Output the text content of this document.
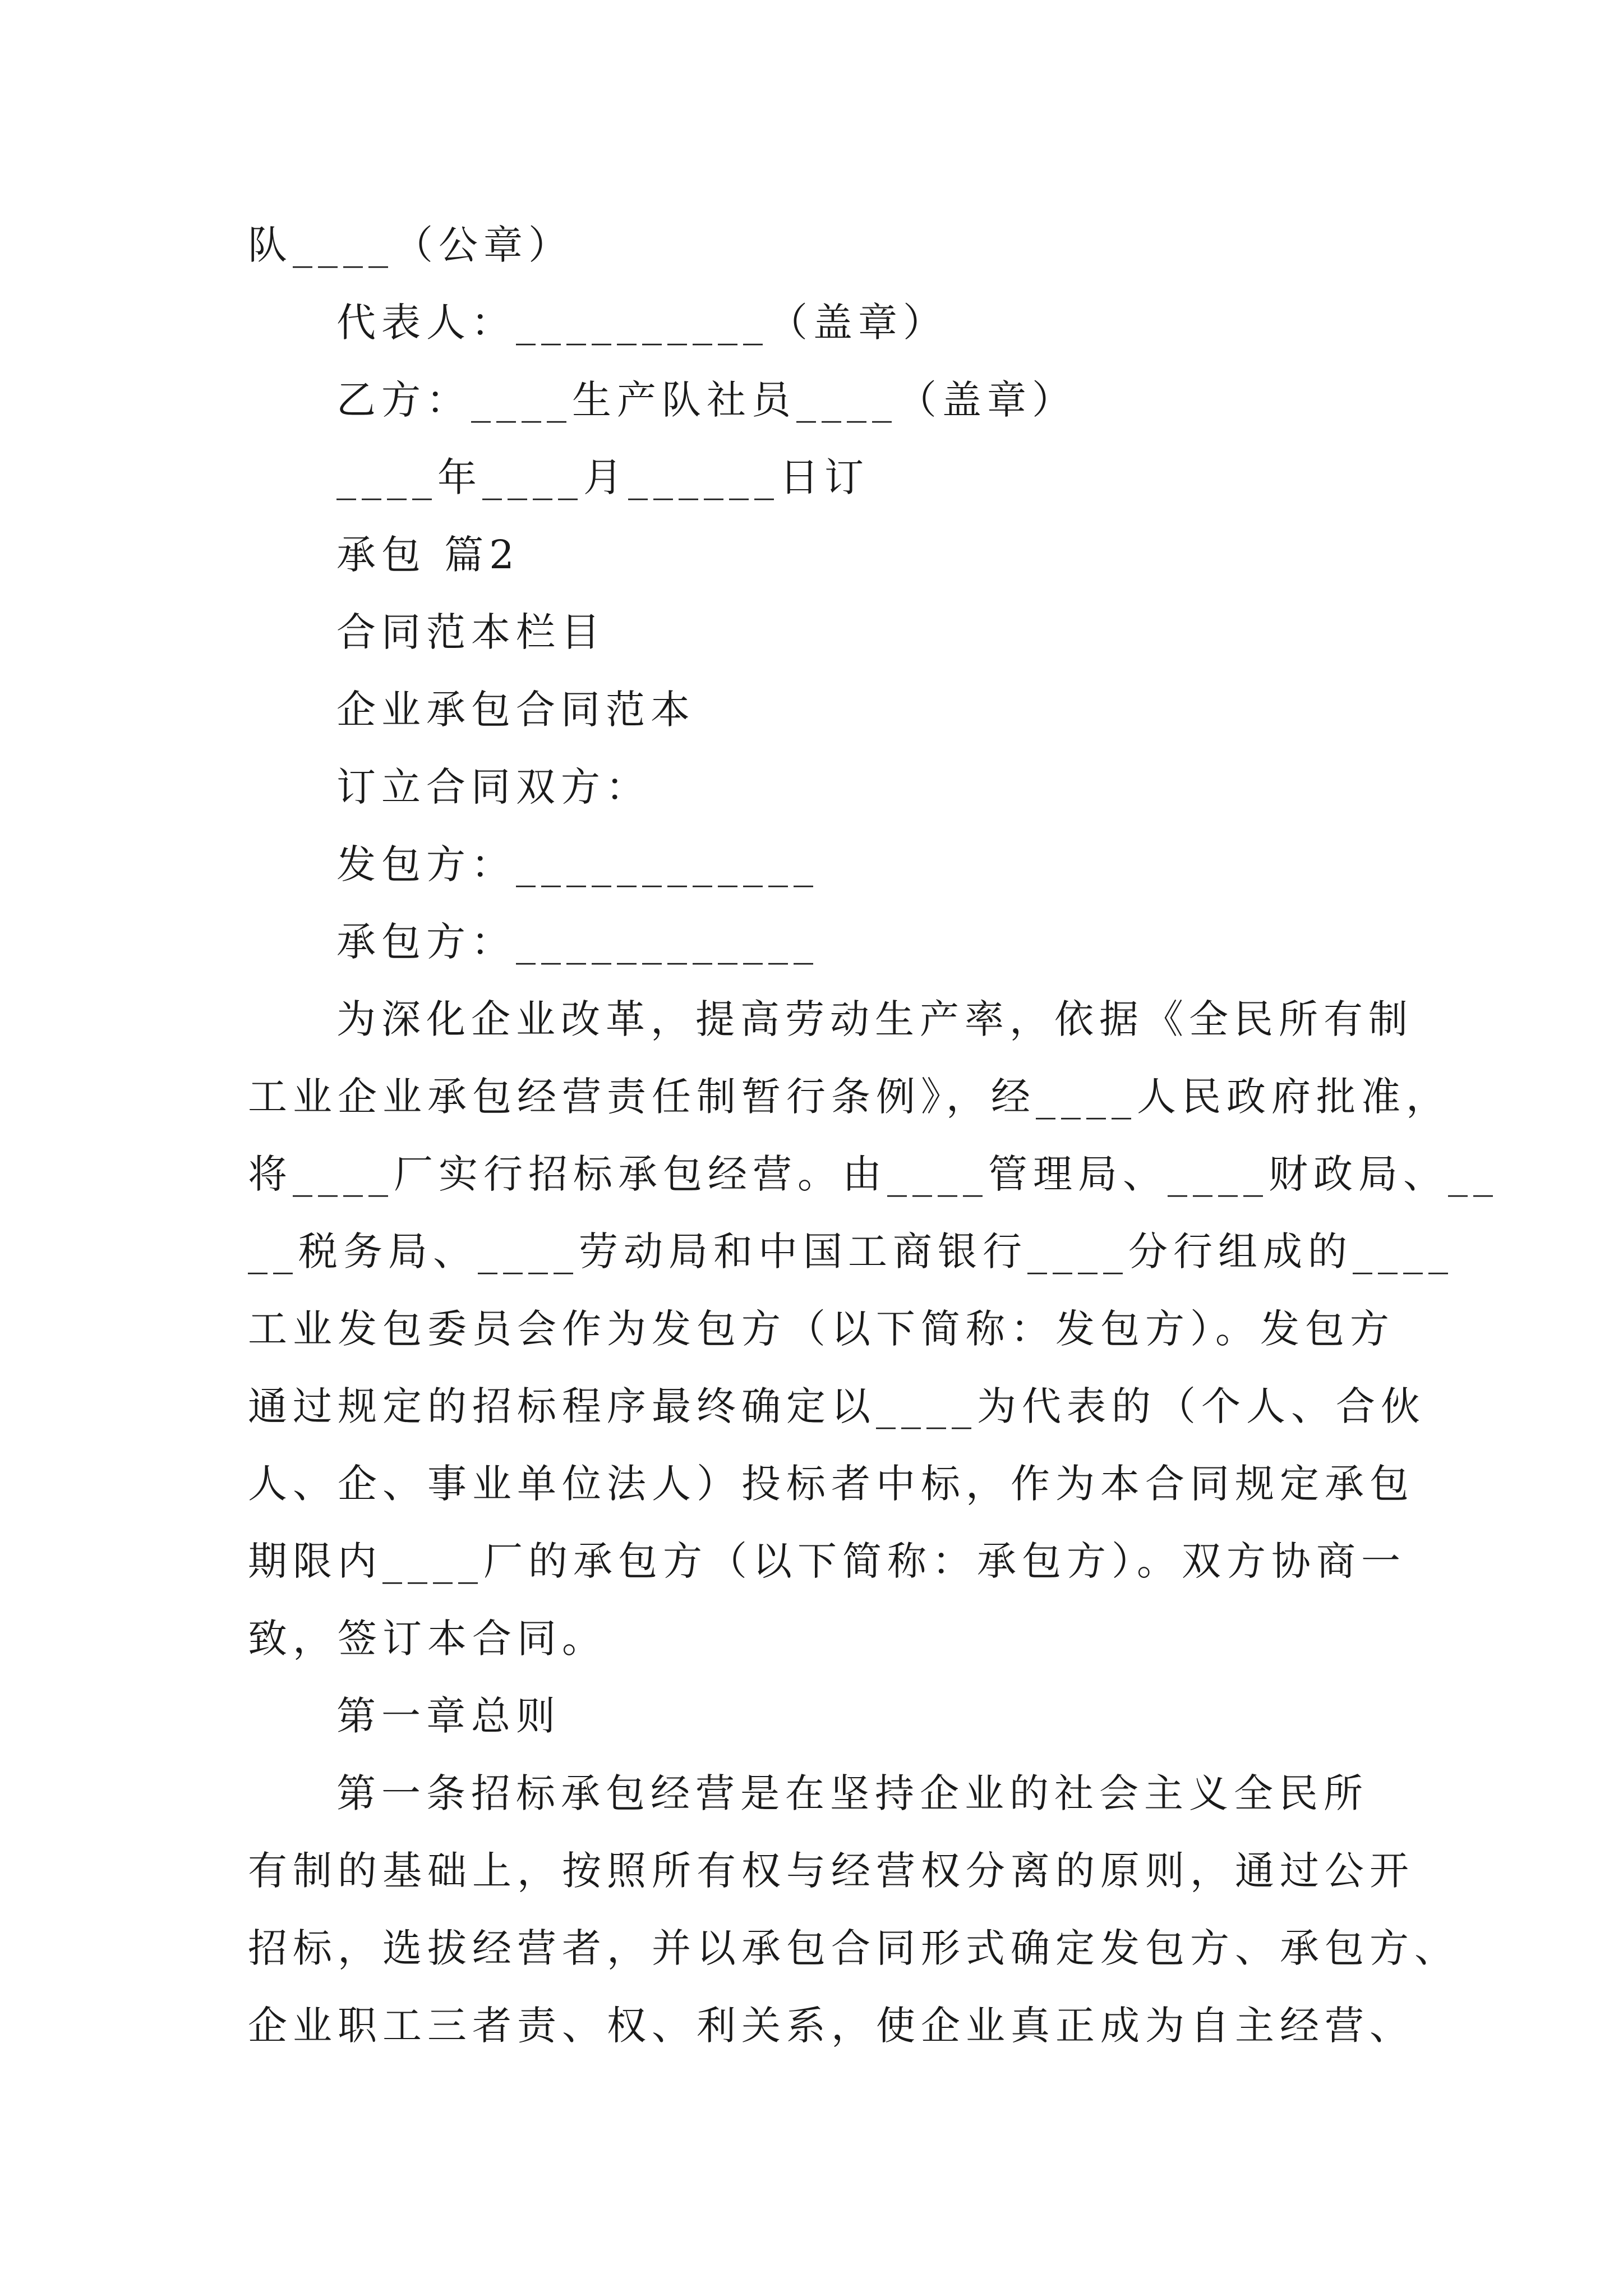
队____（公章）
代表人：__________（盖章）
乙方：____生产队社员____（盖章）
____年____月______日订
承包 篇2
合同范本栏目
企业承包合同范本
订立合同双方：
发包方：____________
承包方：____________
为深化企业改革，提高劳动生产率，依据《全民所有制
工业企业承包经营责任制暂行条例》，经____人民政府批准，
将____厂实行招标承包经营。由____管理局、____财政局、__
__税务局、____劳动局和中国工商银行____分行组成的____
工业发包委员会作为发包方（以下简称：发包方）。发包方
通过规定的招标程序最终确定以____为代表的（个人、合伙
人、企、事业单位法人）投标者中标，作为本合同规定承包
期限内____厂的承包方（以下简称：承包方）。双方协商一
致，签订本合同。
第一章总则
第一条招标承包经营是在坚持企业的社会主义全民所
有制的基础上，按照所有权与经营权分离的原则，通过公开
招标，选拔经营者，并以承包合同形式确定发包方、承包方、
企业职工三者责、权、利关系，使企业真正成为自主经营、
